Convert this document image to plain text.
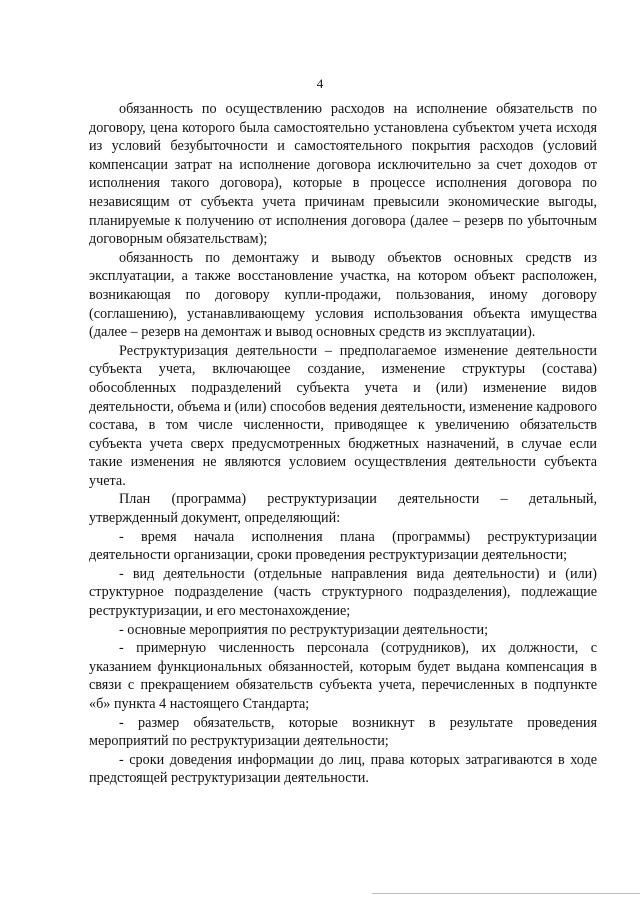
4

обязанность по осуществлению расходов на исполнение обязательств по договору, цена которого была самостоятельно установлена субъектом учета исходя из условий безубыточности и самостоятельного покрытия расходов (условий компенсации затрат на исполнение договора исключительно за счет доходов от исполнения такого договора), которые в процессе исполнения договора по независящим от субъекта учета причинам превысили экономические выгоды, планируемые к получению от исполнения договора (далее – резерв по убыточным договорным обязательствам);

обязанность по демонтажу и выводу объектов основных средств из эксплуатации, а также восстановление участка, на котором объект расположен, возникающая по договору купли-продажи, пользования, иному договору (соглашению), устанавливающему условия использования объекта имущества (далее – резерв на демонтаж и вывод основных средств из эксплуатации).

Реструктуризация деятельности – предполагаемое изменение деятельности субъекта учета, включающее создание, изменение структуры (состава) обособленных подразделений субъекта учета и (или) изменение видов деятельности, объема и (или) способов ведения деятельности, изменение кадрового состава, в том числе численности, приводящее к увеличению обязательств субъекта учета сверх предусмотренных бюджетных назначений, в случае если такие изменения не являются условием осуществления деятельности субъекта учета.

План (программа) реструктуризации деятельности – детальный, утвержденный документ, определяющий:

- время начала исполнения плана (программы) реструктуризации деятельности организации, сроки проведения реструктуризации деятельности;

- вид деятельности (отдельные направления вида деятельности) и (или) структурное подразделение (часть структурного подразделения), подлежащие реструктуризации, и его местонахождение;

- основные мероприятия по реструктуризации деятельности;

- примерную численность персонала (сотрудников), их должности, с указанием функциональных обязанностей, которым будет выдана компенсация в связи с прекращением обязательств субъекта учета, перечисленных в подпункте «б» пункта 4 настоящего Стандарта;

- размер обязательств, которые возникнут в результате проведения мероприятий по реструктуризации деятельности;

- сроки доведения информации до лиц, права которых затрагиваются в ходе предстоящей реструктуризации деятельности.
